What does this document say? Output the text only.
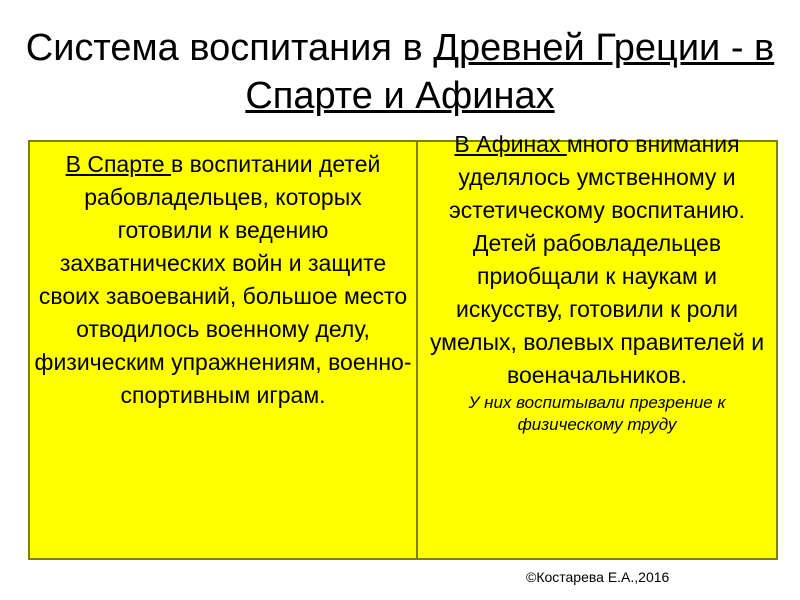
Система воспитания в Древней Греции - в Спарте и Афинах
В Спарте в воспитании детей рабовладельцев, которых готовили к ведению захватнических войн и защите своих завоеваний, большое место отводилось военному делу, физическим упражнениям, военно-спортивным играм.
В Афинах много внимания уделялось умственному и эстетическому воспитанию. Детей рабовладельцев приобщали к наукам и искусству, готовили к роли умелых, волевых правителей и военачальников.
У них воспитывали презрение к физическому труду
©Костарева Е.А.,2016
